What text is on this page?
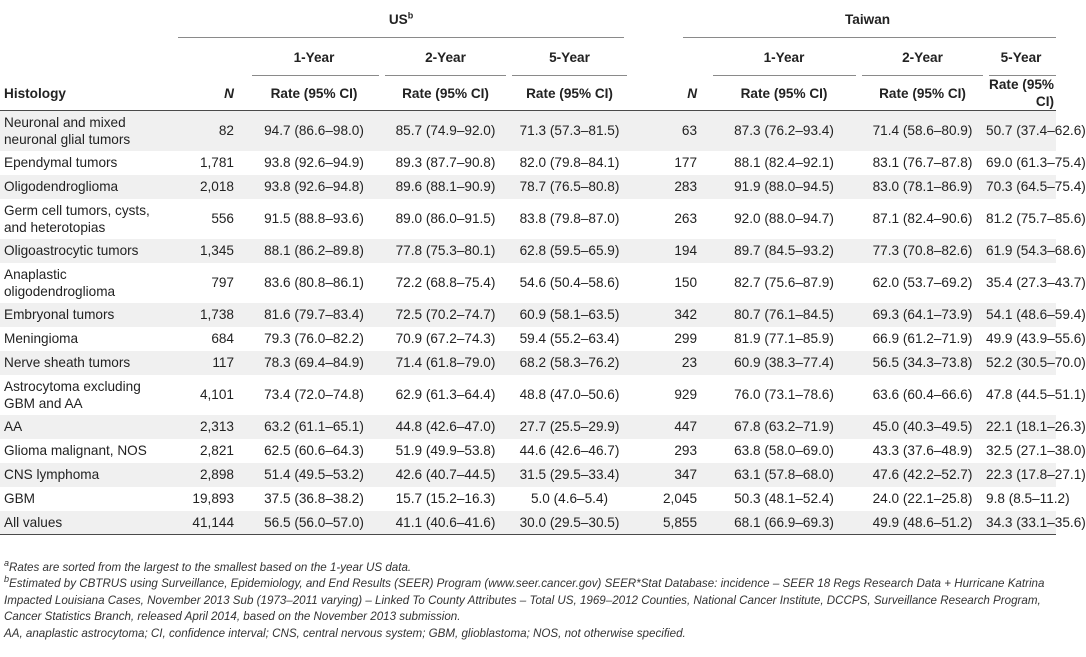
	$US^b$					Taiwan			
		1-Year	2-Year	5-Year			1-Year	2-Year	5-Year
Histology	N	Rate (95% CI)	Rate (95% CI)	Rate (95% CI)	N		Rate (95% CI)	Rate (95% CI)	Rate (95% CI)
Neuronal and mixed neuronal glial tumors	82	94.7 (86.6–98.0)	85.7 (74.9–92.0)	71.3 (57.3–81.5)	63		87.3 (76.2–93.4)	71.4 (58.6–80.9)	50.7 (37.4–62.6)
Ependymal tumors	1,781	93.8 (92.6–94.9)	89.3 (87.7–90.8)	82.0 (79.8–84.1)	177		88.1 (82.4–92.1)	83.1 (76.7–87.8)	69.0 (61.3–75.4)
Oligodendroglioma	2,018	93.8 (92.6–94.8)	89.6 (88.1–90.9)	78.7 (76.5–80.8)	283		91.9 (88.0–94.5)	83.0 (78.1–86.9)	70.3 (64.5–75.4)
Germ cell tumors, cysts, and heterotopias	556	91.5 (88.8–93.6)	89.0 (86.0–91.5)	83.8 (79.8–87.0)	263		92.0 (88.0–94.7)	87.1 (82.4–90.6)	81.2 (75.7–85.6)
Oligoastrocytic tumors	1,345	88.1 (86.2–89.8)	77.8 (75.3–80.1)	62.8 (59.5–65.9)	194		89.7 (84.5–93.2)	77.3 (70.8–82.6)	61.9 (54.3–68.6)
Anaplastic oligodendroglioma	797	83.6 (80.8–86.1)	72.2 (68.8–75.4)	54.6 (50.4–58.6)	150		82.7 (75.6–87.9)	62.0 (53.7–69.2)	35.4 (27.3–43.7)
Embryonal tumors	1,738	81.6 (79.7–83.4)	72.5 (70.2–74.7)	60.9 (58.1–63.5)	342		80.7 (76.1–84.5)	69.3 (64.1–73.9)	54.1 (48.6–59.4)
Meningioma	684	79.3 (76.0–82.2)	70.9 (67.2–74.3)	59.4 (55.2–63.4)	299		81.9 (77.1–85.9)	66.9 (61.2–71.9)	49.9 (43.9–55.6)
Nerve sheath tumors	117	78.3 (69.4–84.9)	71.4 (61.8–79.0)	68.2 (58.3–76.2)	23		60.9 (38.3–77.4)	56.5 (34.3–73.8)	52.2 (30.5–70.0)
Astrocytoma excluding GBM and AA	4,101	73.4 (72.0–74.8)	62.9 (61.3–64.4)	48.8 (47.0–50.6)	929		76.0 (73.1–78.6)	63.6 (60.4–66.6)	47.8 (44.5–51.1)
AA	2,313	63.2 (61.1–65.1)	44.8 (42.6–47.0)	27.7 (25.5–29.9)	447		67.8 (63.2–71.9)	45.0 (40.3–49.5)	22.1 (18.1–26.3)
Glioma malignant, NOS	2,821	62.5 (60.6–64.3)	51.9 (49.9–53.8)	44.6 (42.6–46.7)	293		63.8 (58.0–69.0)	43.3 (37.6–48.9)	32.5 (27.1–38.0)
CNS lymphoma	2,898	51.4 (49.5–53.2)	42.6 (40.7–44.5)	31.5 (29.5–33.4)	347		63.1 (57.8–68.0)	47.6 (42.2–52.7)	22.3 (17.8–27.1)
GBM	19,893	37.5 (36.8–38.2)	15.7 (15.2–16.3)	5.0 (4.6–5.4)	2,045		50.3 (48.1–52.4)	24.0 (22.1–25.8)	9.8 (8.5–11.2)
All values	41,144	56.5 (56.0–57.0)	41.1 (40.6–41.6)	30.0 (29.5–30.5)	5,855		68.1 (66.9–69.3)	49.9 (48.6–51.2)	34.3 (33.1–35.6)

$^a$Rates are sorted from the largest to the smallest based on the 1-year US data.

$^b$Estimated by CBTRUS using Surveillance, Epidemiology, and End Results (SEER) Program (www.seer.cancer.gov) SEER*Stat Database: incidence – SEER 18 Regs Research Data + Hurricane Katrina Impacted Louisiana Cases, November 2013 Sub (1973–2011 varying) – Linked To County Attributes – Total US, 1969–2012 Counties, National Cancer Institute, DCCPS, Surveillance Research Program, Cancer Statistics Branch, released April 2014, based on the November 2013 submission.

AA, anaplastic astrocytoma; CI, confidence interval; CNS, central nervous system; GBM, glioblastoma; NOS, not otherwise specified.
